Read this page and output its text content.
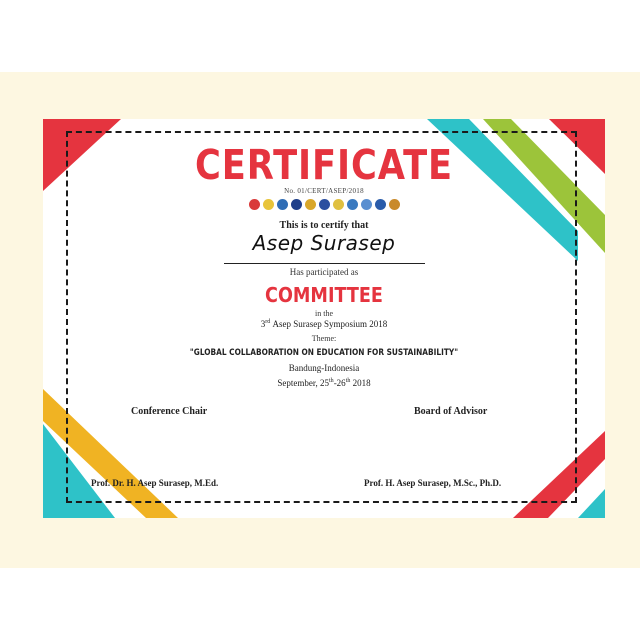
CERTIFICATE
No. 01/CERT/ASEP/2018
This is to certify that
Asep Surasep
Has participated as
COMMITTEE
in the
3rd Asep Surasep Symposium 2018
Theme:
"GLOBAL COLLABORATION ON EDUCATION FOR SUSTAINABILITY"
Bandung-Indonesia
September, 25th-26th 2018
Conference Chair	Board of Advisor
Prof. Dr. H. Asep Surasep, M.Ed.	Prof. H. Asep Surasep, M.Sc., Ph.D.
